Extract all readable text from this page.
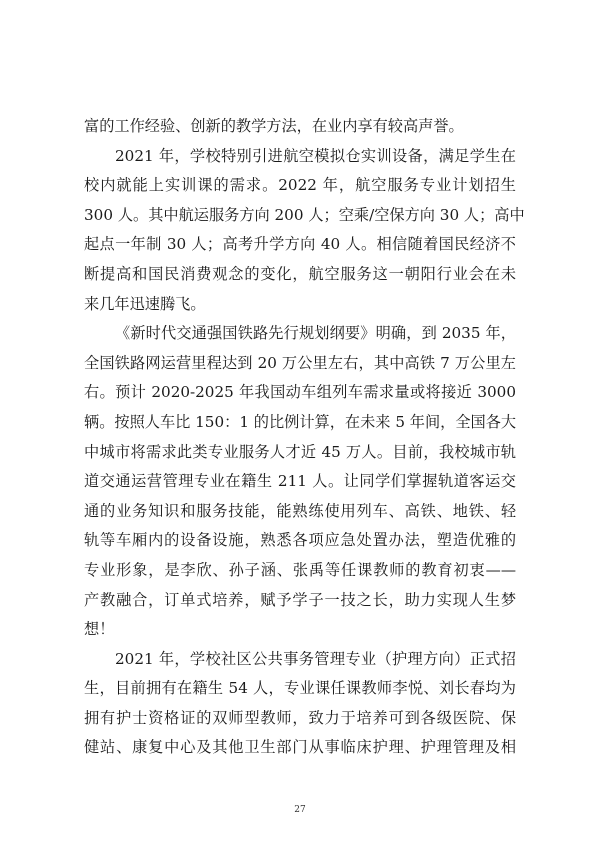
富的工作经验、创新的教学方法，在业内享有较高声誉。

2021 年，学校特别引进航空模拟仓实训设备，满足学生在
校内就能上实训课的需求。2022 年，航空服务专业计划招生
300 人。其中航运服务方向 200 人；空乘/空保方向 30 人；高中
起点一年制 30 人；高考升学方向 40 人。相信随着国民经济不
断提高和国民消费观念的变化，航空服务这一朝阳行业会在未
来几年迅速腾飞。

《新时代交通强国铁路先行规划纲要》明确，到 2035 年，
全国铁路网运营里程达到 20 万公里左右，其中高铁 7 万公里左
右。预计 2020-2025 年我国动车组列车需求量或将接近 3000
辆。按照人车比 150：1 的比例计算，在未来 5 年间，全国各大
中城市将需求此类专业服务人才近 45 万人。目前，我校城市轨
道交通运营管理专业在籍生 211 人。让同学们掌握轨道客运交
通的业务知识和服务技能，能熟练使用列车、高铁、地铁、轻
轨等车厢内的设备设施，熟悉各项应急处置办法，塑造优雅的
专业形象，是李欣、孙子涵、张禹等任课教师的教育初衷——
产教融合，订单式培养，赋予学子一技之长，助力实现人生梦
想！

2021 年，学校社区公共事务管理专业（护理方向）正式招
生，目前拥有在籍生 54 人，专业课任课教师李悦、刘长春均为
拥有护士资格证的双师型教师，致力于培养可到各级医院、保
健站、康复中心及其他卫生部门从事临床护理、护理管理及相

27
